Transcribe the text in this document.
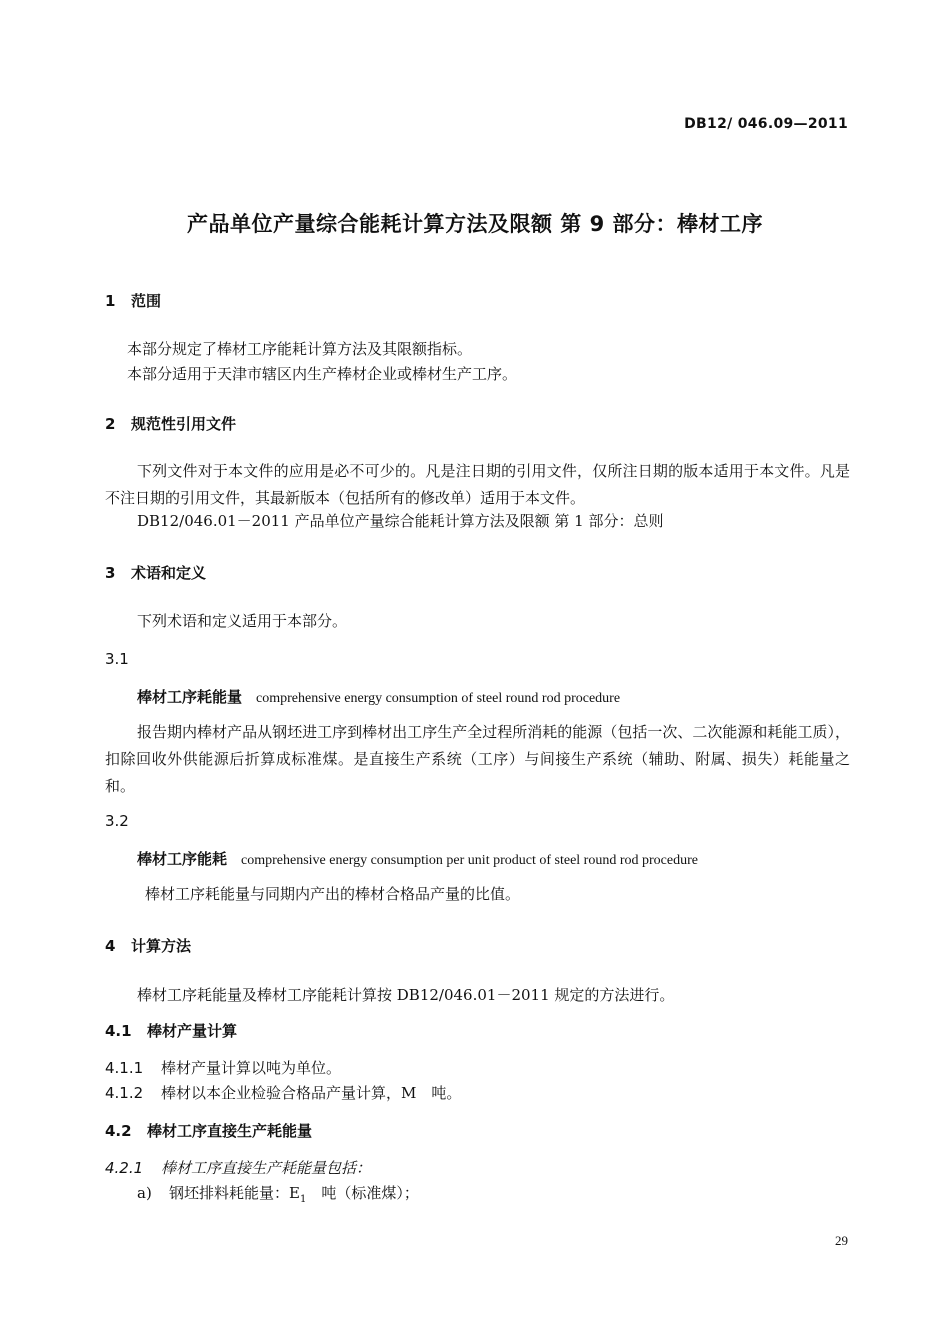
DB12/ 046.09—2011
产品单位产量综合能耗计算方法及限额 第 9 部分：棒材工序
1 范围
本部分规定了棒材工序能耗计算方法及其限额指标。
本部分适用于天津市辖区内生产棒材企业或棒材生产工序。
2 规范性引用文件
下列文件对于本文件的应用是必不可少的。凡是注日期的引用文件，仅所注日期的版本适用于本文件。凡是不注日期的引用文件，其最新版本（包括所有的修改单）适用于本文件。
DB12/046.01－2011 产品单位产量综合能耗计算方法及限额 第 1 部分：总则
3 术语和定义
下列术语和定义适用于本部分。
3.1
棒材工序耗能量 comprehensive energy consumption of steel round rod procedure
报告期内棒材产品从钢坯进工序到棒材出工序生产全过程所消耗的能源（包括一次、二次能源和耗能工质），扣除回收外供能源后折算成标准煤。是直接生产系统（工序）与间接生产系统（辅助、附属、损失）耗能量之和。
3.2
棒材工序能耗 comprehensive energy consumption per unit product of steel round rod procedure
棒材工序耗能量与同期内产出的棒材合格品产量的比值。
4 计算方法
棒材工序耗能量及棒材工序能耗计算按 DB12/046.01－2011 规定的方法进行。
4.1 棒材产量计算
4.1.1 棒材产量计算以吨为单位。
4.1.2 棒材以本企业检验合格品产量计算，M　吨。
4.2 棒材工序直接生产耗能量
4.2.1 棒材工序直接生产耗能量包括：
a) 钢坯排料耗能量：$E_1$　吨（标准煤）；
29
